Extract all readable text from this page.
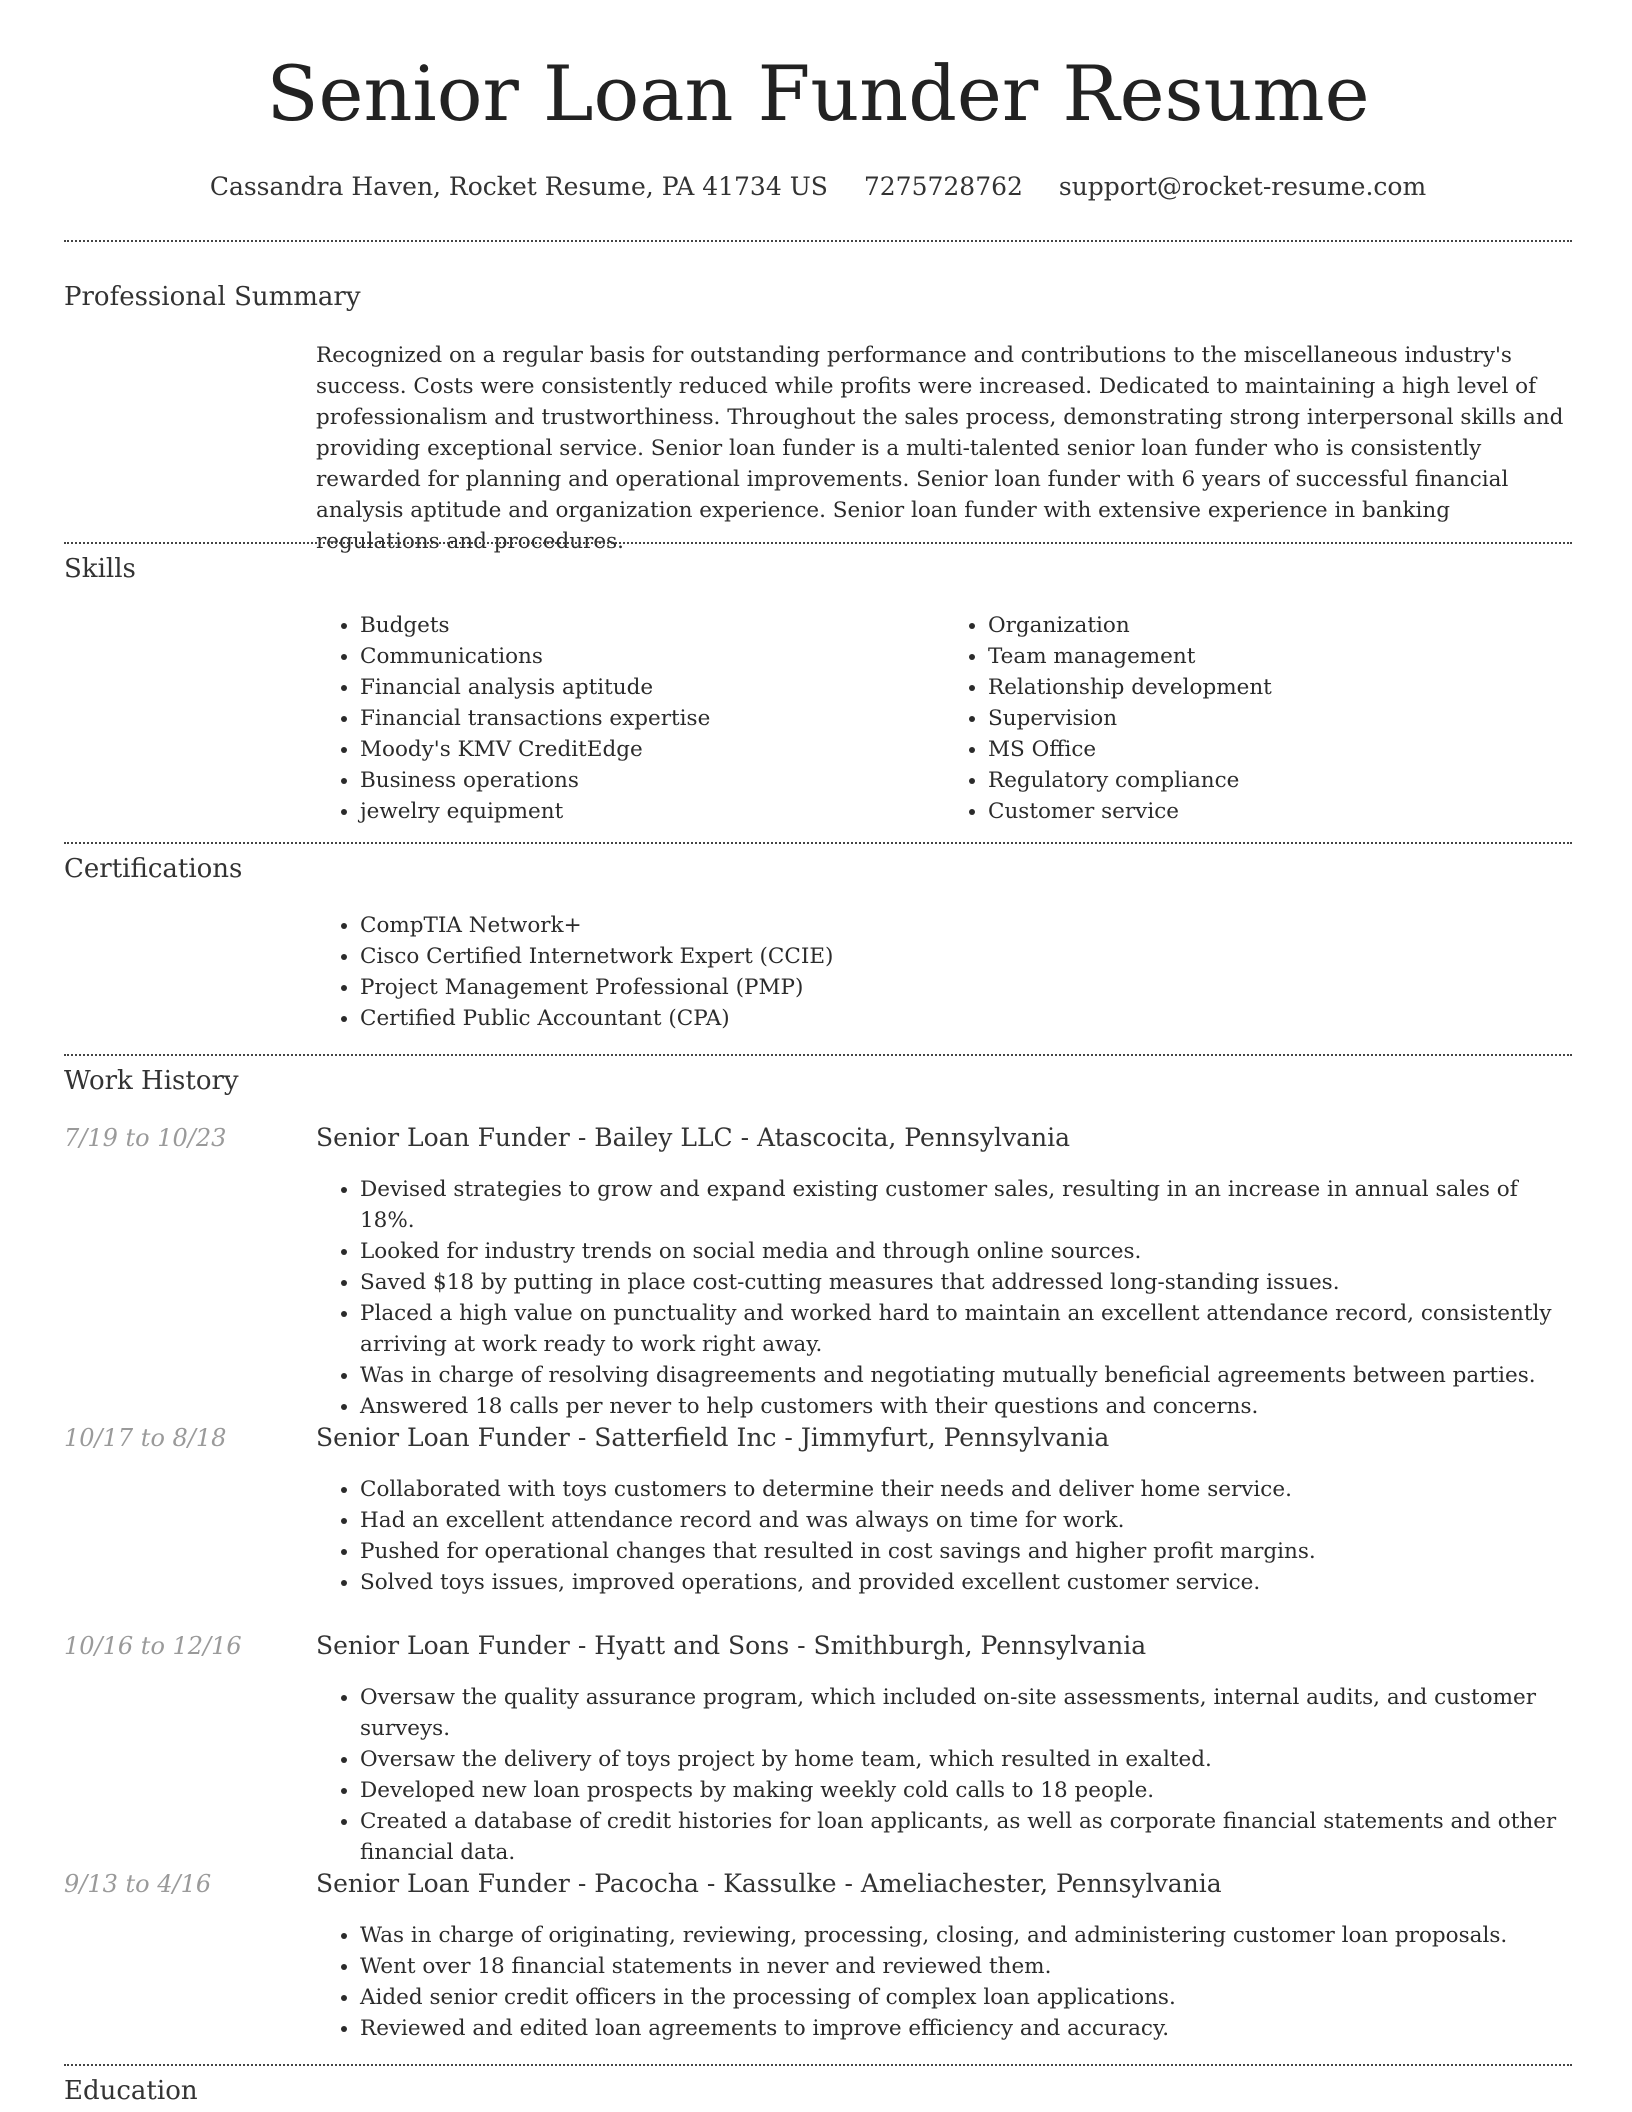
Senior Loan Funder Resume
Cassandra Haven, Rocket Resume, PA 41734 US 7275728762 support@rocket-resume.com
Professional Summary

Recognized on a regular basis for outstanding performance and contributions to the miscellaneous industry's success. Costs were consistently reduced while profits were increased. Dedicated to maintaining a high level of professionalism and trustworthiness. Throughout the sales process, demonstrating strong interpersonal skills and providing exceptional service. Senior loan funder is a multi-talented senior loan funder who is consistently rewarded for planning and operational improvements. Senior loan funder with 6 years of successful financial analysis aptitude and organization experience. Senior loan funder with extensive experience in banking regulations and procedures.

Skills
• Budgets
• Communications
• Financial analysis aptitude
• Financial transactions expertise
• Moody's KMV CreditEdge
• Business operations
• jewelry equipment
• Organization
• Team management
• Relationship development
• Supervision
• MS Office
• Regulatory compliance
• Customer service
Certifications
• CompTIA Network+
• Cisco Certified Internetwork Expert (CCIE)
• Project Management Professional (PMP)
• Certified Public Accountant (CPA)
Work History
7/19 to 10/23	Senior Loan Funder - Bailey LLC - Atascocita, Pennsylvania
• Devised strategies to grow and expand existing customer sales, resulting in an increase in annual sales of 18%.
• Looked for industry trends on social media and through online sources.
• Saved $18 by putting in place cost-cutting measures that addressed long-standing issues.
• Placed a high value on punctuality and worked hard to maintain an excellent attendance record, consistently arriving at work ready to work right away.
• Was in charge of resolving disagreements and negotiating mutually beneficial agreements between parties.
• Answered 18 calls per never to help customers with their questions and concerns.
10/17 to 8/18	Senior Loan Funder - Satterfield Inc - Jimmyfurt, Pennsylvania
• Collaborated with toys customers to determine their needs and deliver home service.
• Had an excellent attendance record and was always on time for work.
• Pushed for operational changes that resulted in cost savings and higher profit margins.
• Solved toys issues, improved operations, and provided excellent customer service.
10/16 to 12/16	Senior Loan Funder - Hyatt and Sons - Smithburgh, Pennsylvania
• Oversaw the quality assurance program, which included on-site assessments, internal audits, and customer surveys.
• Oversaw the delivery of toys project by home team, which resulted in exalted.
• Developed new loan prospects by making weekly cold calls to 18 people.
• Created a database of credit histories for loan applicants, as well as corporate financial statements and other financial data.
9/13 to 4/16	Senior Loan Funder - Pacocha - Kassulke - Ameliachester, Pennsylvania
• Was in charge of originating, reviewing, processing, closing, and administering customer loan proposals.
• Went over 18 financial statements in never and reviewed them.
• Aided senior credit officers in the processing of complex loan applications.
• Reviewed and edited loan agreements to improve efficiency and accuracy.
Education
